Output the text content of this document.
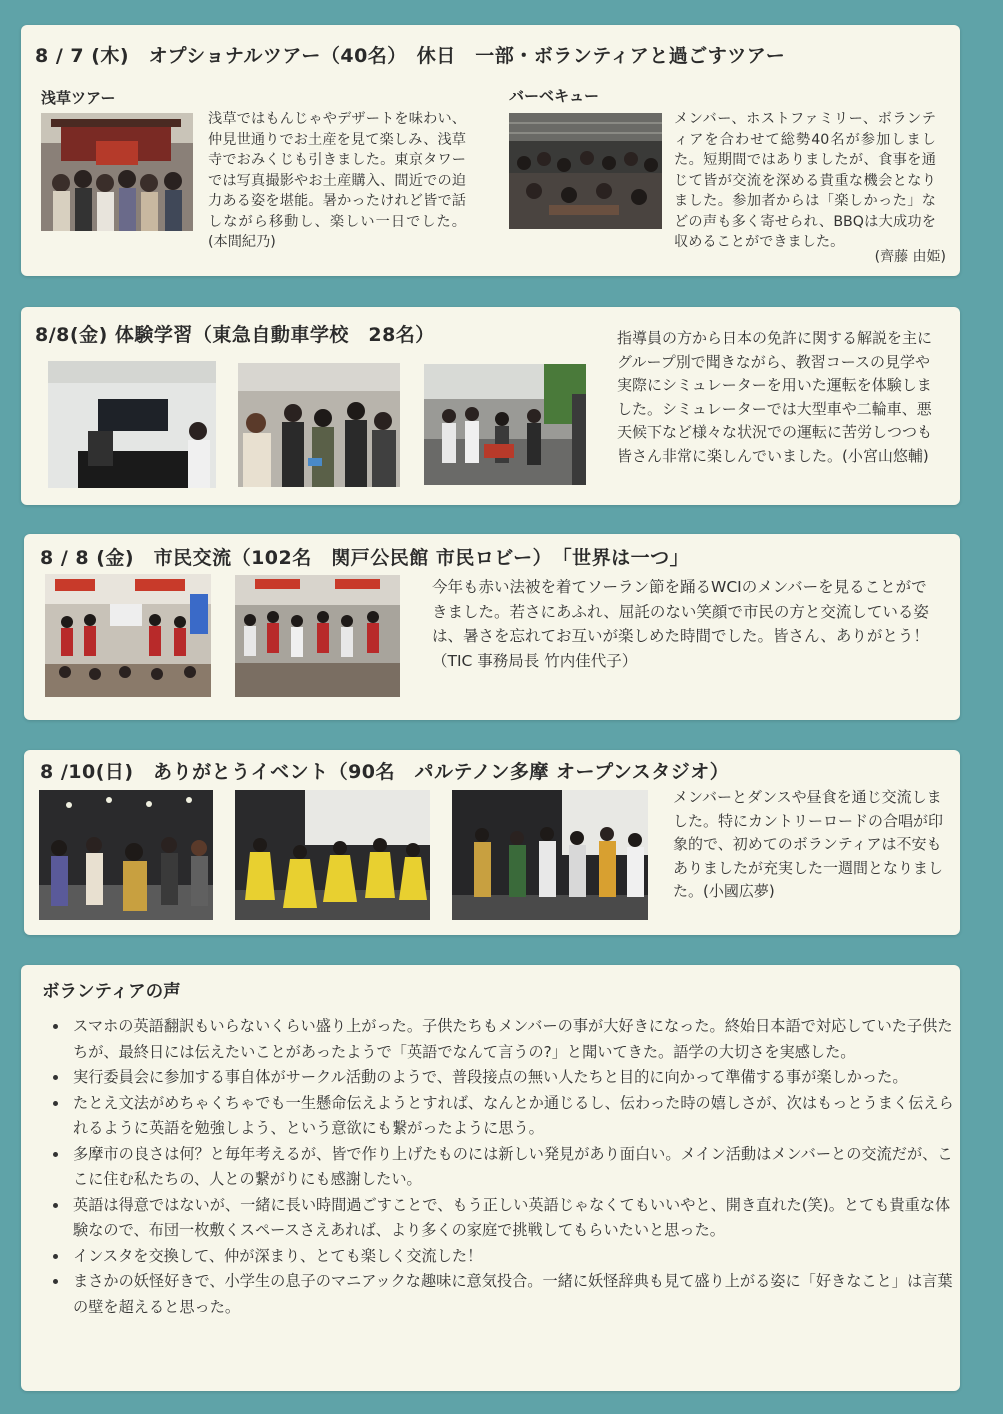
8 / 7 (木)　オプショナルツアー（40名）　休日　一部・ボランティアと過ごすツアー
浅草ツアー

浅草ではもんじゃやデザートを味わい、仲見世通りでお土産を見て楽しみ、浅草寺でおみくじも引きました。東京タワーでは写真撮影やお土産購入、間近での迫力ある姿を堪能。暑かったけれど皆で話しながら移動し、楽しい一日でした。(本間紀乃)

バーベキュー

メンバー、ホストファミリー、ボランティアを合わせて総勢40名が参加しました。短期間ではありましたが、食事を通じて皆が交流を深める貴重な機会となりました。参加者からは「楽しかった」などの声も多く寄せられ、BBQは大成功を収めることができました。

(齊藤 由姫)
8/8(金) 体験学習（東急自動車学校　28名）	指導員の方から日本の免許に関する解説を主にグループ別で聞きながら、教習コースの見学や実際にシミュレーターを用いた運転を体験しました。シミュレーターでは大型車や二輪車、悪天候下など様々な状況での運転に苦労しつつも皆さん非常に楽しんでいました。(小宮山悠輔)

8 / 8 (金)　市民交流（102名　関戸公民館 市民ロビー）　「世界は一つ」

今年も赤い法被を着てソーラン節を踊るWCIのメンバーを見ることができました。若さにあふれ、屈託のない笑顔で市民の方と交流している姿は、暑さを忘れてお互いが楽しめた時間でした。皆さん、ありがとう！（TIC 事務局長 竹内佳代子）

8 /10(日)　ありがとうイベント（90名　パルテノン多摩 オープンスタジオ）

メンバーとダンスや昼食を通じ交流しました。特にカントリーロードの合唱が印象的で、初めてのボランティアは不安もありましたが充実した一週間となりました。(小國広夢)

ボランティアの声
• スマホの英語翻訳もいらないくらい盛り上がった。子供たちもメンバーの事が大好きになった。終始日本語で対応していた子供たちが、最終日には伝えたいことがあったようで「英語でなんて言うの?」と聞いてきた。語学の大切さを実感した。
• 実行委員会に参加する事自体がサークル活動のようで、普段接点の無い人たちと目的に向かって準備する事が楽しかった。
• たとえ文法がめちゃくちゃでも一生懸命伝えようとすれば、なんとか通じるし、伝わった時の嬉しさが、次はもっとうまく伝えられるように英語を勉強しよう、という意欲にも繋がったように思う。
• 多摩市の良さは何？と毎年考えるが、皆で作り上げたものには新しい発見があり面白い。メイン活動はメンバーとの交流だが、ここに住む私たちの、人との繋がりにも感謝したい。
• 英語は得意ではないが、一緒に長い時間過ごすことで、もう正しい英語じゃなくてもいいやと、開き直れた(笑)。とても貴重な体験なので、布団一枚敷くスペースさえあれば、より多くの家庭で挑戦してもらいたいと思った。
• インスタを交換して、仲が深まり、とても楽しく交流した！
• まさかの妖怪好きで、小学生の息子のマニアックな趣味に意気投合。一緒に妖怪辞典も見て盛り上がる姿に「好きなこと」は言葉の壁を超えると思った。
